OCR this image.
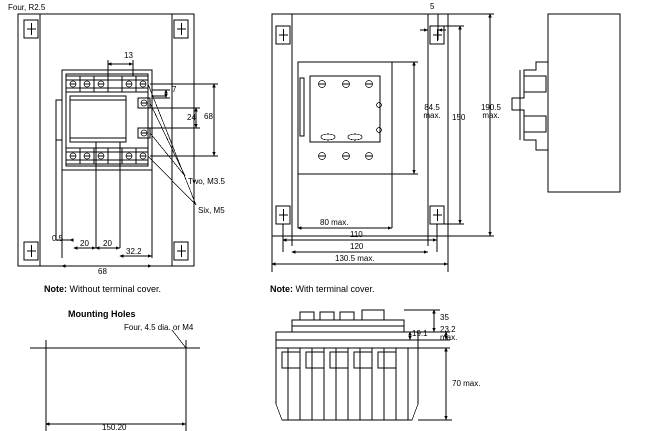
Four, R2.5
13
7
24 68
Two, M3.5
Six, M5
0.5
20 20
32.2
68
Note: Without terminal cover.
5
84.5
max.	150
190.5
max.
80 max.
110
120
130.5 max.
Note: With terminal cover.
Mounting Holes
Four, 4.5 dia. or M4
150.20
35
23.2
max.
19.1
70 max.
